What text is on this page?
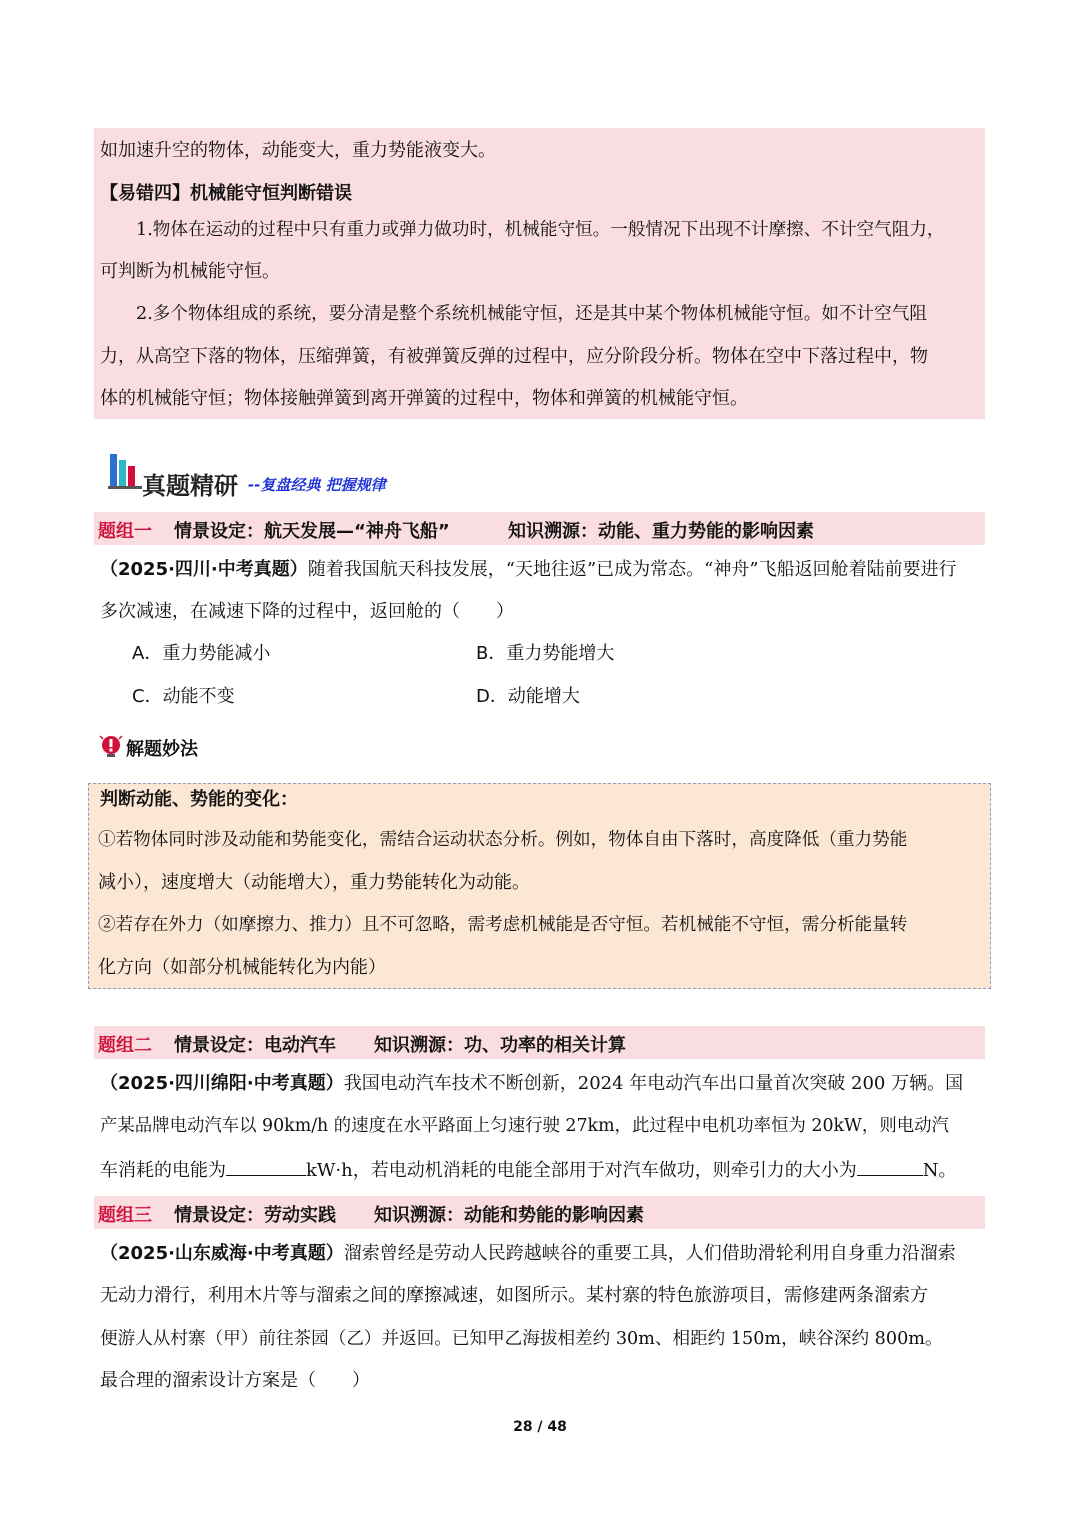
如加速升空的物体，动能变大，重力势能液变大。
【易错四】机械能守恒判断错误
1.物体在运动的过程中只有重力或弹力做功时，机械能守恒。一般情况下出现不计摩擦、不计空气阻力，
可判断为机械能守恒。
2.多个物体组成的系统，要分清是整个系统机械能守恒，还是其中某个物体机械能守恒。如不计空气阻
力，从高空下落的物体，压缩弹簧，有被弹簧反弹的过程中，应分阶段分析。物体在空中下落过程中，物
体的机械能守恒；物体接触弹簧到离开弹簧的过程中，物体和弹簧的机械能守恒。
真题精研 --复盘经典 把握规律
题组一 情景设定：航天发展—“神舟飞船”	知识溯源：动能、重力势能的影响因素
（2025·四川·中考真题）随着我国航天科技发展，“天地往返”已成为常态。“神舟”飞船返回舱着陆前要进行
多次减速，在减速下降的过程中，返回舱的（　　）
A．重力势能减小	B．重力势能增大
C．动能不变	D．动能增大
解题妙法
判断动能、势能的变化：
①若物体同时涉及动能和势能变化，需结合运动状态分析。例如，物体自由下落时，高度降低（重力势能
减小），速度增大（动能增大），重力势能转化为动能。
②若存在外力（如摩擦力、推力）且不可忽略，需考虑机械能是否守恒。若机械能不守恒，需分析能量转
化方向（如部分机械能转化为内能）
题组二 情景设定：电动汽车 知识溯源：功、功率的相关计算
（2025·四川绵阳·中考真题）我国电动汽车技术不断创新，2024 年电动汽车出口量首次突破 200 万辆。国
产某品牌电动汽车以 90km/h 的速度在水平路面上匀速行驶 27km，此过程中电机功率恒为 20kW，则电动汽
车消耗的电能为	kW·h，若电动机消耗的电能全部用于对汽车做功，则牵引力的大小为	N。
题组三 情景设定：劳动实践 知识溯源：动能和势能的影响因素
（2025·山东威海·中考真题）溜索曾经是劳动人民跨越峡谷的重要工具，人们借助滑轮利用自身重力沿溜索
无动力滑行，利用木片等与溜索之间的摩擦减速，如图所示。某村寨的特色旅游项目，需修建两条溜索方
便游人从村寨（甲）前往茶园（乙）并返回。已知甲乙海拔相差约 30m、相距约 150m，峡谷深约 800m。
最合理的溜索设计方案是（　　）
28 / 48
